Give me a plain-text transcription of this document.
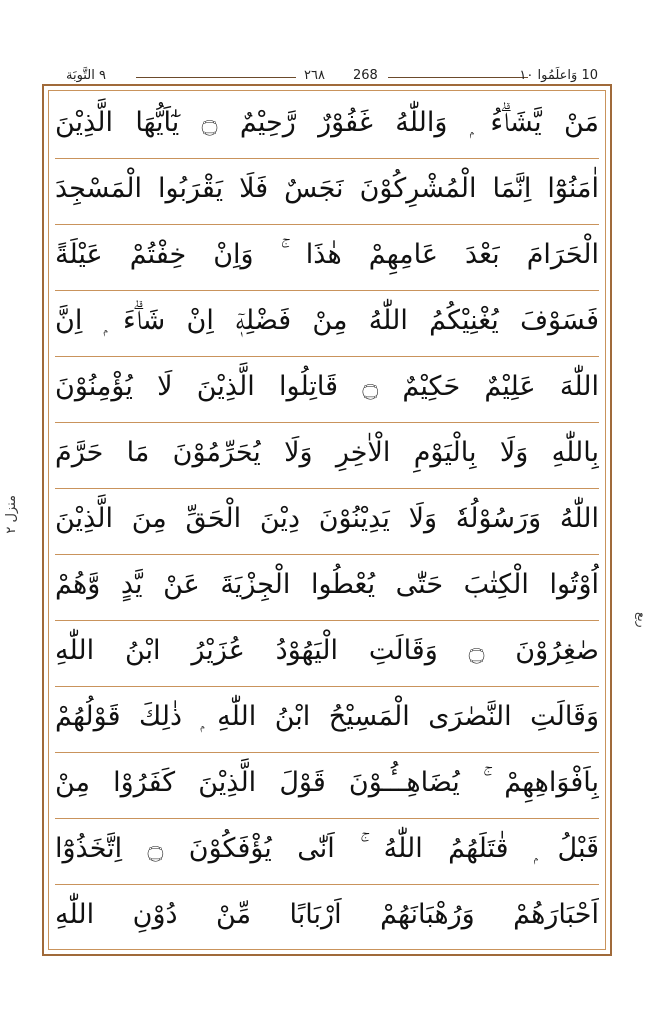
٩ التَّوبَة	٢٦٨ 268	10 وَاعلَمُوا ١٠
منزل ٢
ربع
مَنْ يَّشَاۗءُ ۭ وَاللّٰهُ غَفُوْرٌ رَّحِيْمٌ ۝ يٰٓاَيُّهَا الَّذِيْنَ
اٰمَنُوْٓا اِنَّمَا الْمُشْرِكُوْنَ نَجَسٌ فَلَا يَقْرَبُوا الْمَسْجِدَ
الْحَرَامَ بَعْدَ عَامِهِمْ هٰذَا ۚ وَاِنْ خِفْتُمْ عَيْلَةً
فَسَوْفَ يُغْنِيْكُمُ اللّٰهُ مِنْ فَضْلِهٖٓ اِنْ شَاۗءَ ۭ اِنَّ
اللّٰهَ عَلِيْمٌ حَكِيْمٌ ۝ قَاتِلُوا الَّذِيْنَ لَا يُؤْمِنُوْنَ
بِاللّٰهِ وَلَا بِالْيَوْمِ الْاٰخِرِ وَلَا يُحَرِّمُوْنَ مَا حَرَّمَ
اللّٰهُ وَرَسُوْلُهٗ وَلَا يَدِيْنُوْنَ دِيْنَ الْحَقِّ مِنَ الَّذِيْنَ
اُوْتُوا الْكِتٰبَ حَتّٰى يُعْطُوا الْجِزْيَةَ عَنْ يَّدٍ وَّهُمْ
صٰغِرُوْنَ ۝ وَقَالَتِ الْيَهُوْدُ عُزَيْرُ ابْنُ اللّٰهِ
وَقَالَتِ النَّصٰرَى الْمَسِيْحُ ابْنُ اللّٰهِ ۭ ذٰلِكَ قَوْلُهُمْ
بِاَفْوَاهِهِمْ ۚ يُضَاهِــُٔـوْنَ قَوْلَ الَّذِيْنَ كَفَرُوْا مِنْ
قَبْلُ ۭ قٰتَلَهُمُ اللّٰهُ ۚ اَنّٰى يُؤْفَكُوْنَ ۝ اِتَّخَذُوْٓا
اَحْبَارَهُمْ وَرُهْبَانَهُمْ اَرْبَابًا مِّنْ دُوْنِ اللّٰهِ
